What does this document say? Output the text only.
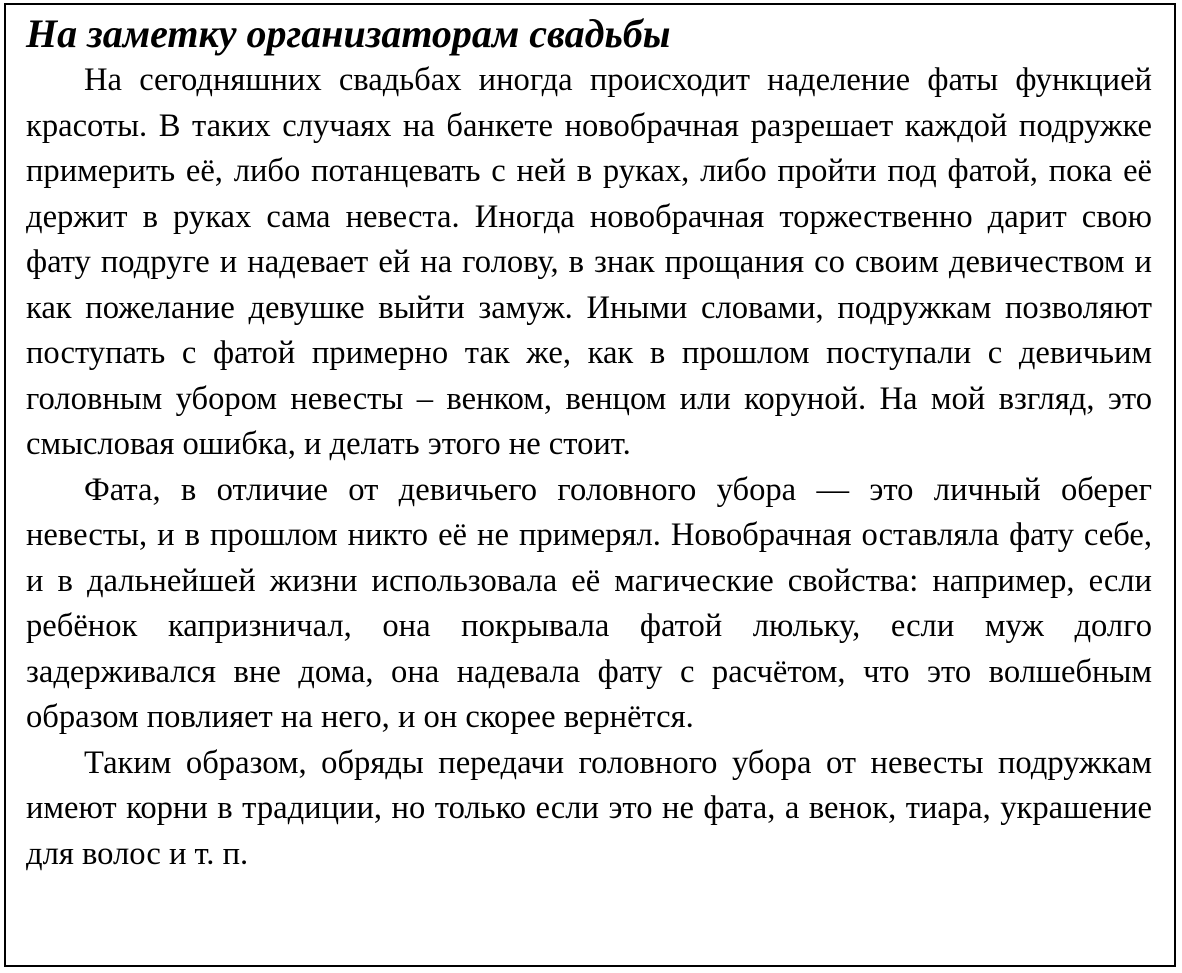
На заметку организаторам свадьбы

На сегодняшних свадьбах иногда происходит наделение фаты функцией красоты. В таких случаях на банкете новобрачная разрешает каждой подружке примерить её, либо потанцевать с ней в руках, либо пройти под фатой, пока её держит в руках сама невеста. Иногда новобрачная торжественно дарит свою фату подруге и надевает ей на голову, в знак прощания со своим девичеством и как пожелание девушке выйти замуж. Иными словами, подружкам позволяют поступать с фатой примерно так же, как в прошлом поступали с девичьим головным убором невесты – венком, венцом или коруной. На мой взгляд, это смысловая ошибка, и делать этого не стоит.

Фата, в отличие от девичьего головного убора — это личный оберег невесты, и в прошлом никто её не примерял. Новобрачная оставляла фату себе, и в дальнейшей жизни использовала её магические свойства: например, если ребёнок капризничал, она покрывала фатой люльку, если муж долго задерживался вне дома, она надевала фату с расчётом, что это волшебным образом повлияет на него, и он скорее вернётся.

Таким образом, обряды передачи головного убора от невесты подружкам имеют корни в традиции, но только если это не фата, а венок, тиара, украшение для волос и т. п.
